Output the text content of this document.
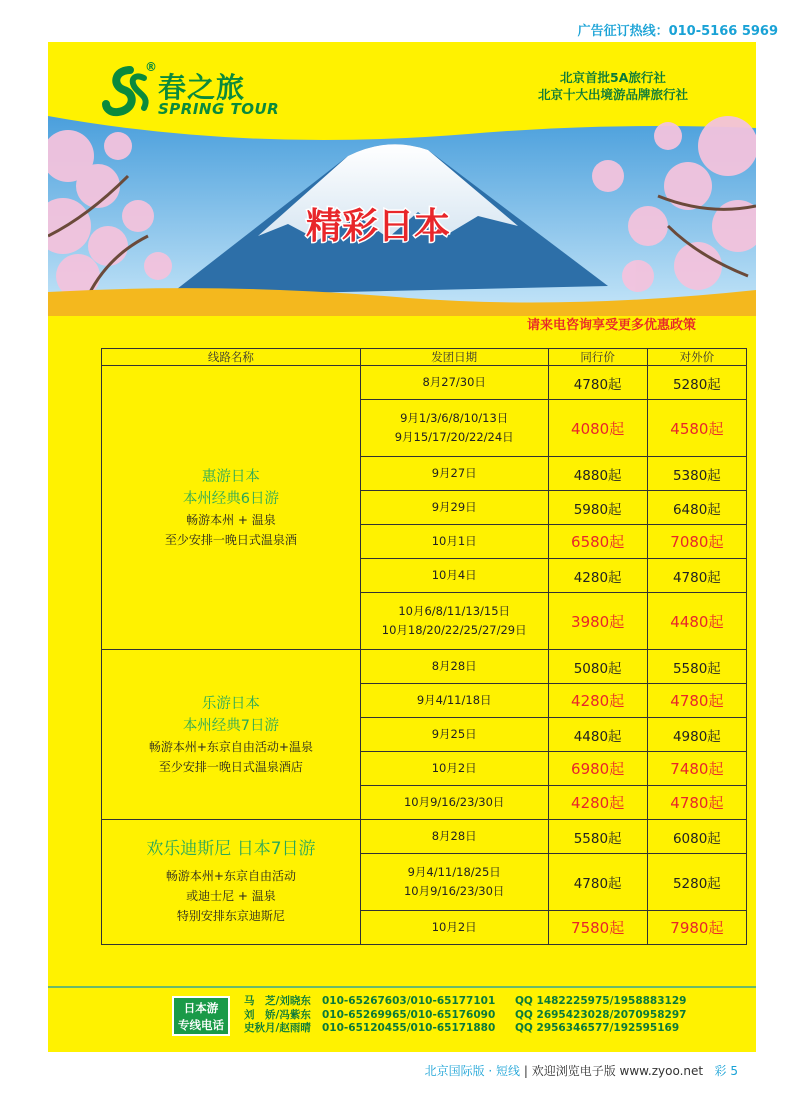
广告征订热线：010-5166 5969
®
春之旅
SPRING TOUR
北京首批5A旅行社
北京十大出境游品牌旅行社
精彩日本
请来电咨询享受更多优惠政策
线路名称	发团日期	同行价	对外价

惠游日本
本州经典6日游
畅游本州 + 温泉
至少安排一晚日式温泉酒	8月27/30日	4780起	5280起

	9月1/3/6/8/10/13日
9月15/17/20/22/24日	4080起	4580起

	9月27日	4880起	5380起

	9月29日	5980起	6480起

	10月1日	6580起	7080起

	10月4日	4280起	4780起

	10月6/8/11/13/15日
10月18/20/22/25/27/29日	3980起	4480起

乐游日本
本州经典7日游
畅游本州+东京自由活动+温泉
至少安排一晚日式温泉酒店	8月28日	5080起	5580起

	9月4/11/18日	4280起	4780起

	9月25日	4480起	4980起

	10月2日	6980起	7480起

	10月9/16/23/30日	4280起	4780起

欢乐迪斯尼 日本7日游
畅游本州+东京自由活动
或迪士尼 + 温泉
特别安排东京迪斯尼	8月28日	5580起	6080起

	9月4/11/18/25日
10月9/16/23/30日	4780起	5280起

	10月2日	7580起	7980起
日本游
专线电话
马　芝/刘晓东 010-65267603/010-65177101 QQ 1482225975/1958883129
刘　娇/冯紫东 010-65269965/010-65176090 QQ 2695423028/2070958297
史秋月/赵雨晴 010-65120455/010-65171880 QQ 2956346577/192595169
北京国际版 · 短线 | 欢迎浏览电子版 www.zyoo.net 彩 5
